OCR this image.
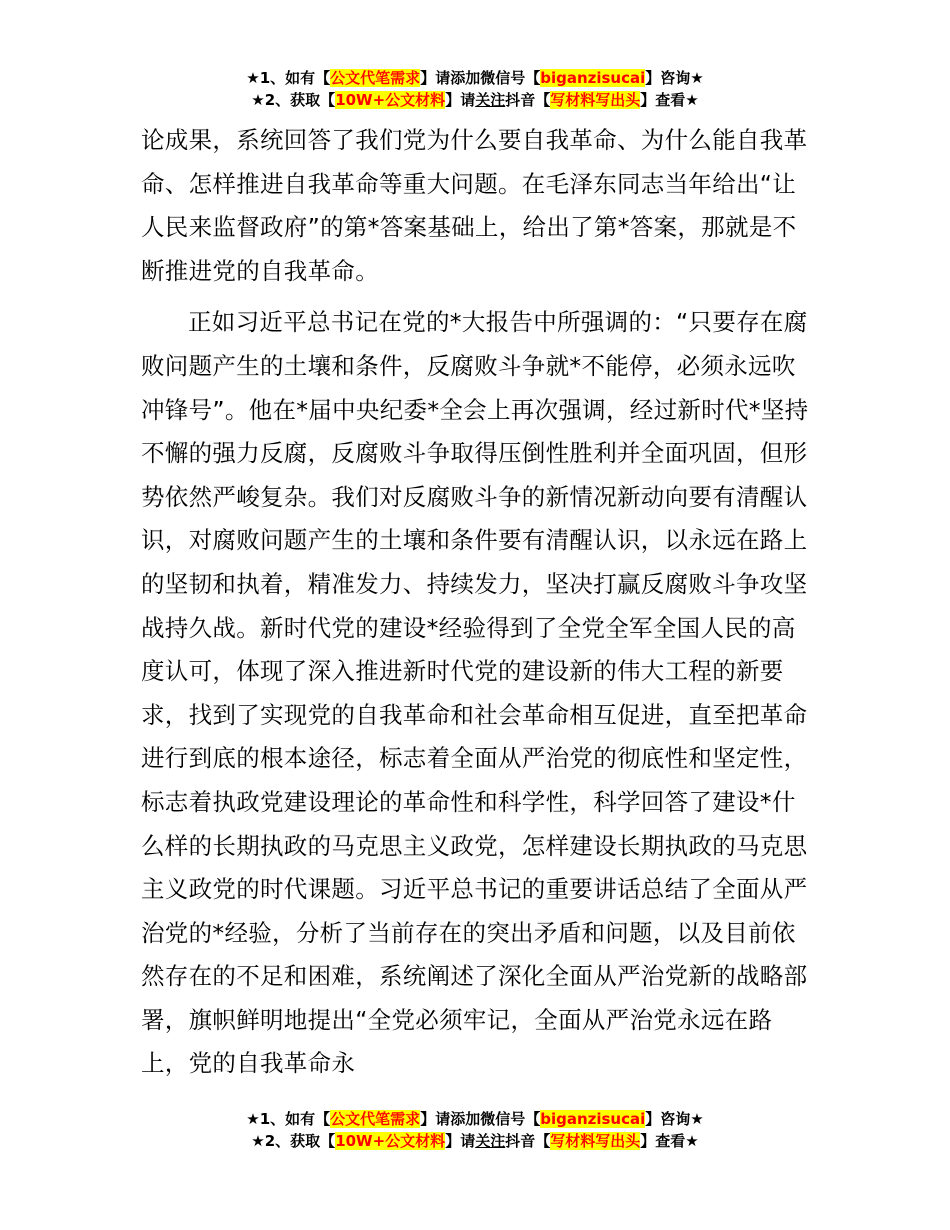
★1、如有【公文代笔需求】请添加微信号【biganzisucai】咨询★
★2、获取【10W+公文材料】请关注抖音【写材料写出头】查看★

论成果，系统回答了我们党为什么要自我革命、为什么能自我革命、怎样推进自我革命等重大问题。在毛泽东同志当年给出“让人民来监督政府”的第*答案基础上，给出了第*答案，那就是不断推进党的自我革命。

正如习近平总书记在党的*大报告中所强调的：“只要存在腐败问题产生的土壤和条件，反腐败斗争就*不能停，必须永远吹冲锋号”。他在*届中央纪委*全会上再次强调，经过新时代*坚持不懈的强力反腐，反腐败斗争取得压倒性胜利并全面巩固，但形势依然严峻复杂。我们对反腐败斗争的新情况新动向要有清醒认识，对腐败问题产生的土壤和条件要有清醒认识，以永远在路上的坚韧和执着，精准发力、持续发力，坚决打赢反腐败斗争攻坚战持久战。新时代党的建设*经验得到了全党全军全国人民的高度认可，体现了深入推进新时代党的建设新的伟大工程的新要求，找到了实现党的自我革命和社会革命相互促进，直至把革命进行到底的根本途径，标志着全面从严治党的彻底性和坚定性，标志着执政党建设理论的革命性和科学性，科学回答了建设*什么样的长期执政的马克思主义政党，怎样建设长期执政的马克思主义政党的时代课题。习近平总书记的重要讲话总结了全面从严治党的*经验，分析了当前存在的突出矛盾和问题，以及目前依然存在的不足和困难，系统阐述了深化全面从严治党新的战略部署，旗帜鲜明地提出“全党必须牢记，全面从严治党永远在路上，党的自我革命永

★1、如有【公文代笔需求】请添加微信号【biganzisucai】咨询★
★2、获取【10W+公文材料】请关注抖音【写材料写出头】查看★
